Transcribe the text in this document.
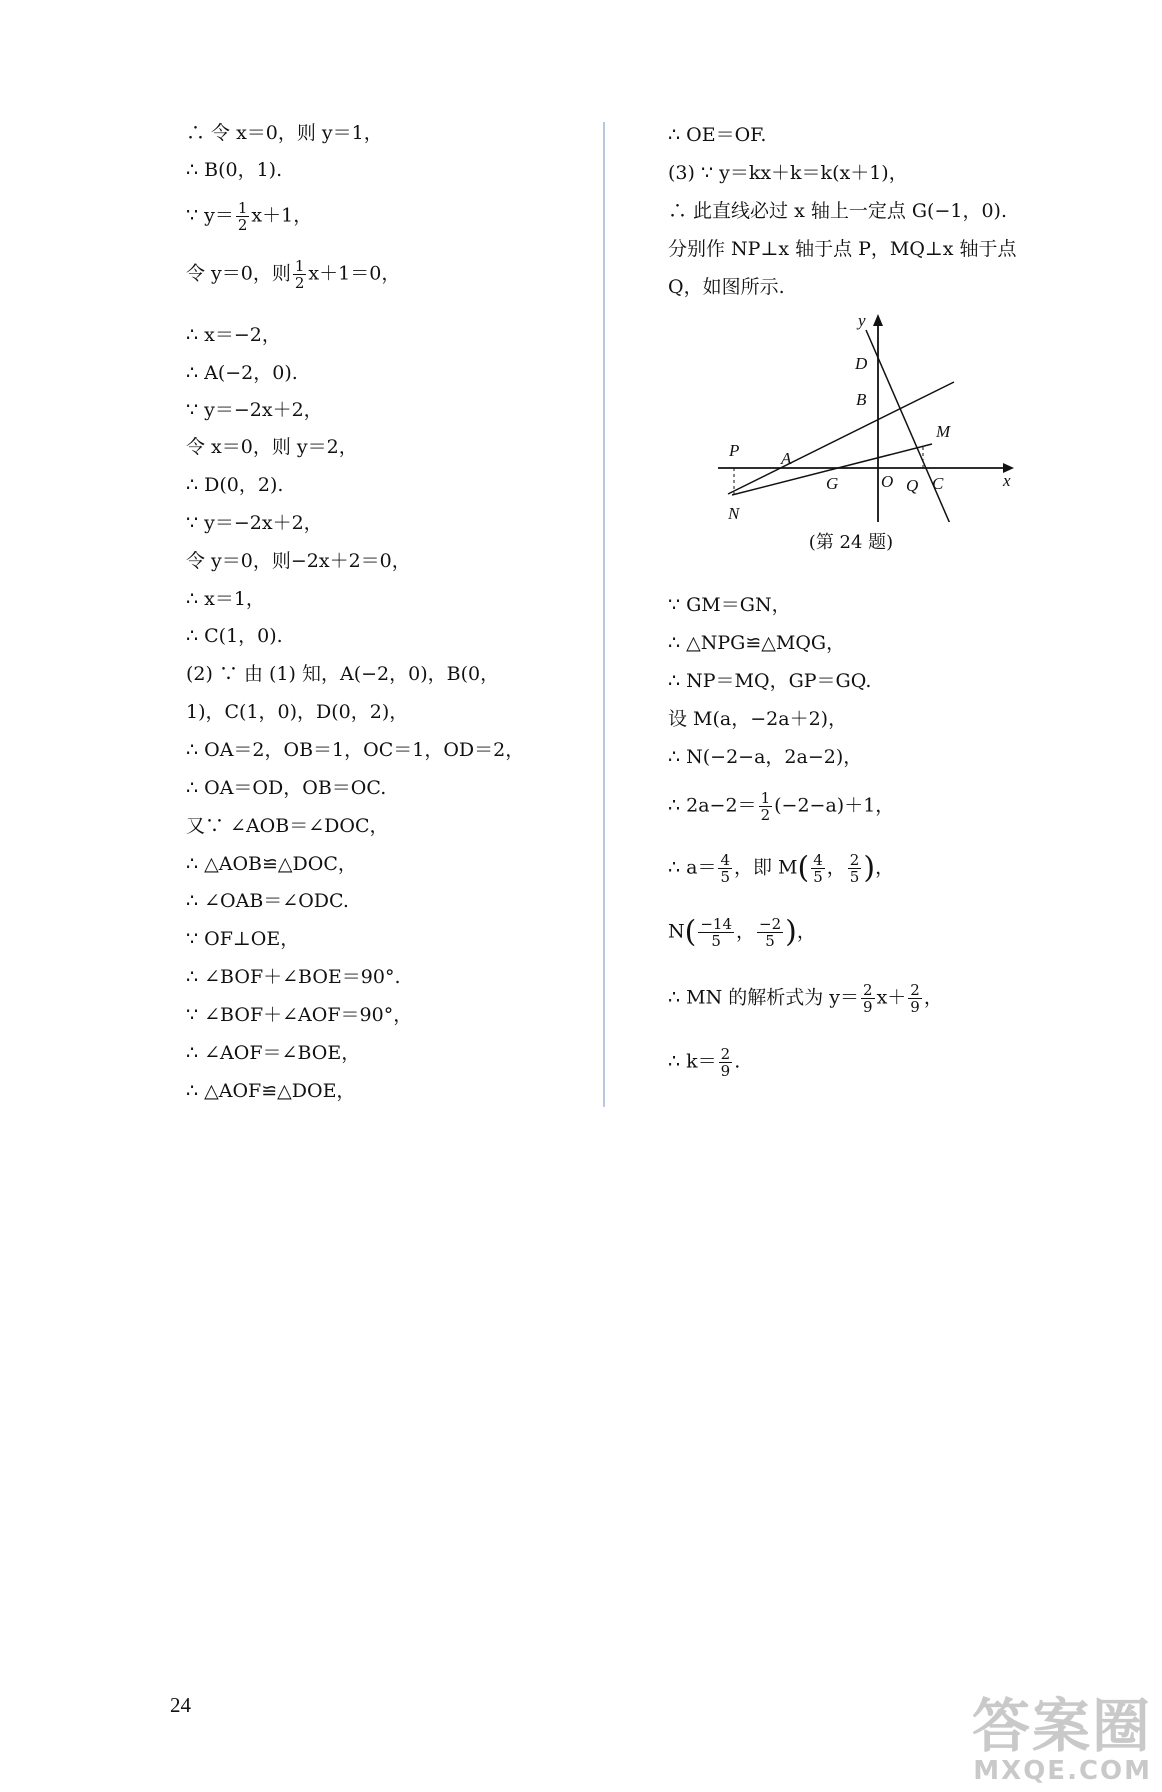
∴ 令 x＝0，则 y＝1，
∴ B(0，1).
∵ $y= \frac{1}{2} x+1$，
令 y＝0，则 $\frac{1}{2} x+1=0$，
∴ x＝−2，
∴ A(−2，0).
∵ y＝−2x＋2，
令 x＝0，则 y＝2，
∴ D(0，2).
∵ y＝−2x＋2，
令 y＝0，则−2x＋2＝0，
∴ x＝1，
∴ C(1，0).
(2) ∵ 由 (1) 知，A(−2，0)，B(0，
1)，C(1，0)，D(0，2)，
∴ OA＝2，OB＝1，OC＝1，OD＝2，
∴ OA＝OD，OB＝OC.
又∵ ∠AOB＝∠DOC，
∴ △AOB≌△DOC，
∴ ∠OAB＝∠ODC.
∵ OF⊥OE，
∴ ∠BOF＋∠BOE＝90°.
∵ ∠BOF＋∠AOF＝90°，
∴ ∠AOF＝∠BOE，
∴ △AOF≌△DOE，
∴ OE＝OF.
(3) ∵ y＝kx＋k＝k(x＋1)，
∴ 此直线必过 x 轴上一定点 G(−1，0).
分别作 NP⊥x 轴于点 P，MQ⊥x 轴于点
Q，如图所示.
∵ GM＝GN，
∴ △NPG≌△MQG，
∴ NP＝MQ，GP＝GQ.
设 M(a，−2a＋2)，
∴ N(−2−a，2a−2)，
∴ $2a-2= \frac{1}{2} (-2-a)+1$，
∴ $a= \frac{4}{5}$ ，即 $M( \frac{4}{5}$ ， $\frac{2}{5}$ )，
$N( \frac{-14}{5}$ ， $\frac{-2}{5}$ )，
∴ MN 的解析式为 $y= \frac{2}{9} x+ \frac{2}{9}$ ，
∴ $k= \frac{2}{9}$ .
y
x
D
B
M
P A
G	O Q C
N
(第 24 题)
24	答案圈
MXQE.COM
